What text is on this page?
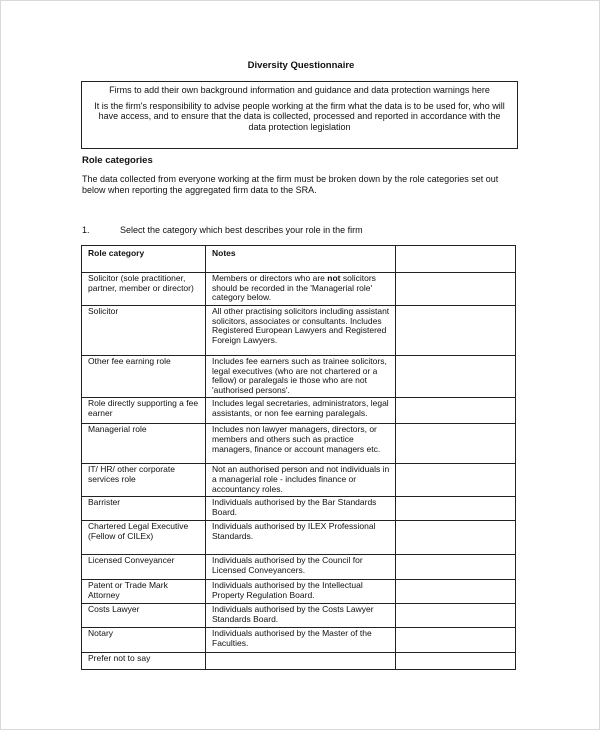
Diversity Questionnaire

Firms to add their own background information and guidance and data protection warnings here

It is the firm's responsibility to advise people working at the firm what the data is to be used for, who will have access, and to ensure that the data is collected, processed and reported in accordance with the data protection legislation

Role categories
The data collected from everyone working at the firm must be broken down by the role categories set out below when reporting the aggregated firm data to the SRA.
1.	Select the category which best describes your role in the firm
Role category	Notes	
Solicitor (sole practitioner, partner, member or director)	Members or directors who are not solicitors should be recorded in the 'Managerial role' category below.	
Solicitor	All other practising solicitors including assistant solicitors, associates or consultants. Includes Registered European Lawyers and Registered Foreign Lawyers.	
Other fee earning role	Includes fee earners such as trainee solicitors, legal executives (who are not chartered or a fellow) or paralegals ie those who are not 'authorised persons'.	
Role directly supporting a fee earner	Includes legal secretaries, administrators, legal assistants, or non fee earning paralegals.	
Managerial role	Includes non lawyer managers, directors, or members and others such as practice managers, finance or account managers etc.	
IT/ HR/ other corporate services role	Not an authorised person and not individuals in a managerial role - includes finance or accountancy roles.	
Barrister	Individuals authorised by the Bar Standards Board.	
Chartered Legal Executive (Fellow of CILEx)	Individuals authorised by ILEX Professional Standards.	
Licensed Conveyancer	Individuals authorised by the Council for Licensed Conveyancers.	
Patent or Trade Mark Attorney	Individuals authorised by the Intellectual Property Regulation Board.	
Costs Lawyer	Individuals authorised by the Costs Lawyer Standards Board.	
Notary	Individuals authorised by the Master of the Faculties.	
Prefer not to say		
